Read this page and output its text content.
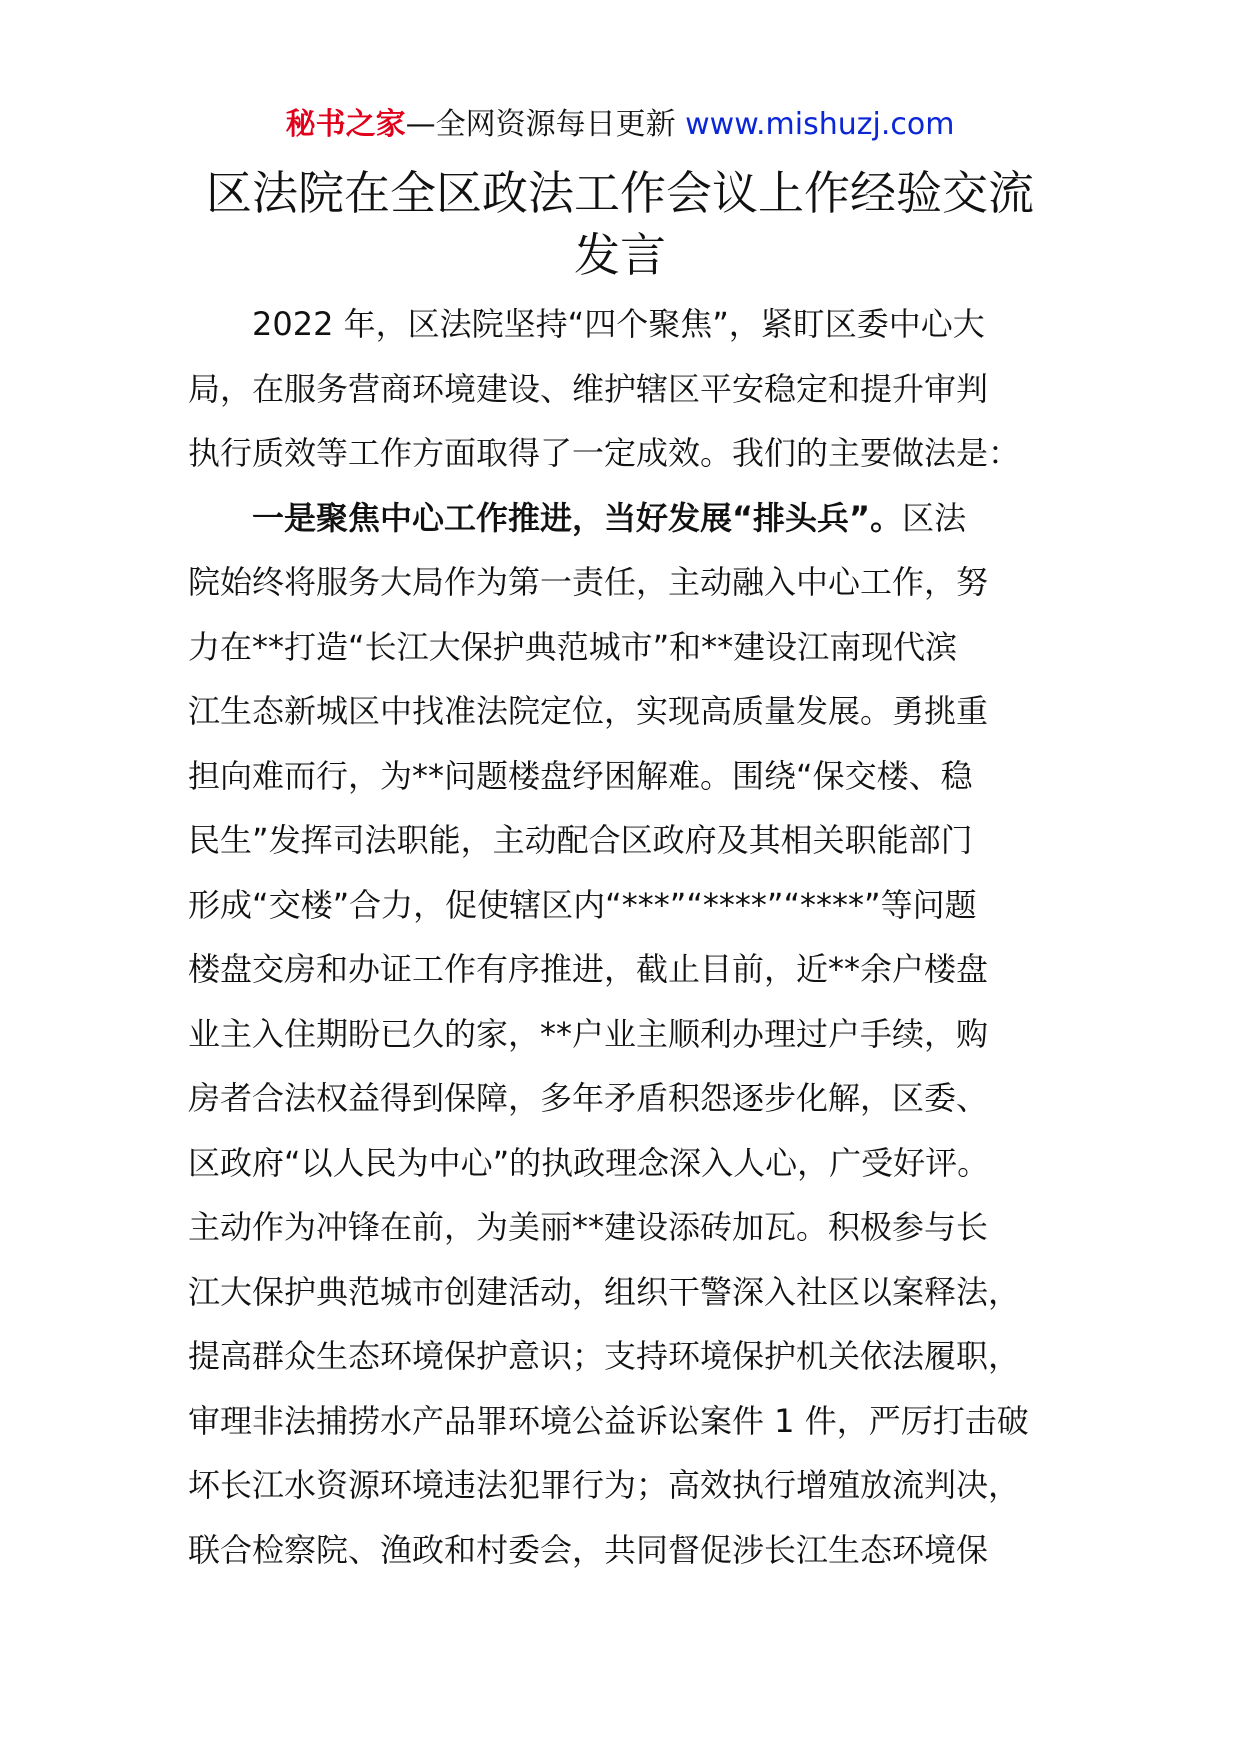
秘书之家—全网资源每日更新 www.mishuzj.com
区法院在全区政法工作会议上作经验交流
发言
2022 年，区法院坚持“四个聚焦”，紧盯区委中心大
局，在服务营商环境建设、维护辖区平安稳定和提升审判
执行质效等工作方面取得了一定成效。我们的主要做法是：
一是聚焦中心工作推进，当好发展“排头兵”。区法
院始终将服务大局作为第一责任，主动融入中心工作，努
力在**打造“长江大保护典范城市”和**建设江南现代滨
江生态新城区中找准法院定位，实现高质量发展。勇挑重
担向难而行，为**问题楼盘纾困解难。围绕“保交楼、稳
民生”发挥司法职能，主动配合区政府及其相关职能部门
形成“交楼”合力，促使辖区内“***”“****”“****”等问题
楼盘交房和办证工作有序推进，截止目前，近**余户楼盘
业主入住期盼已久的家，**户业主顺利办理过户手续，购
房者合法权益得到保障，多年矛盾积怨逐步化解，区委、
区政府“以人民为中心”的执政理念深入人心，广受好评。
主动作为冲锋在前，为美丽**建设添砖加瓦。积极参与长
江大保护典范城市创建活动，组织干警深入社区以案释法，
提高群众生态环境保护意识；支持环境保护机关依法履职，
审理非法捕捞水产品罪环境公益诉讼案件 1 件，严厉打击破
坏长江水资源环境违法犯罪行为；高效执行增殖放流判决，
联合检察院、渔政和村委会，共同督促涉长江生态环境保
